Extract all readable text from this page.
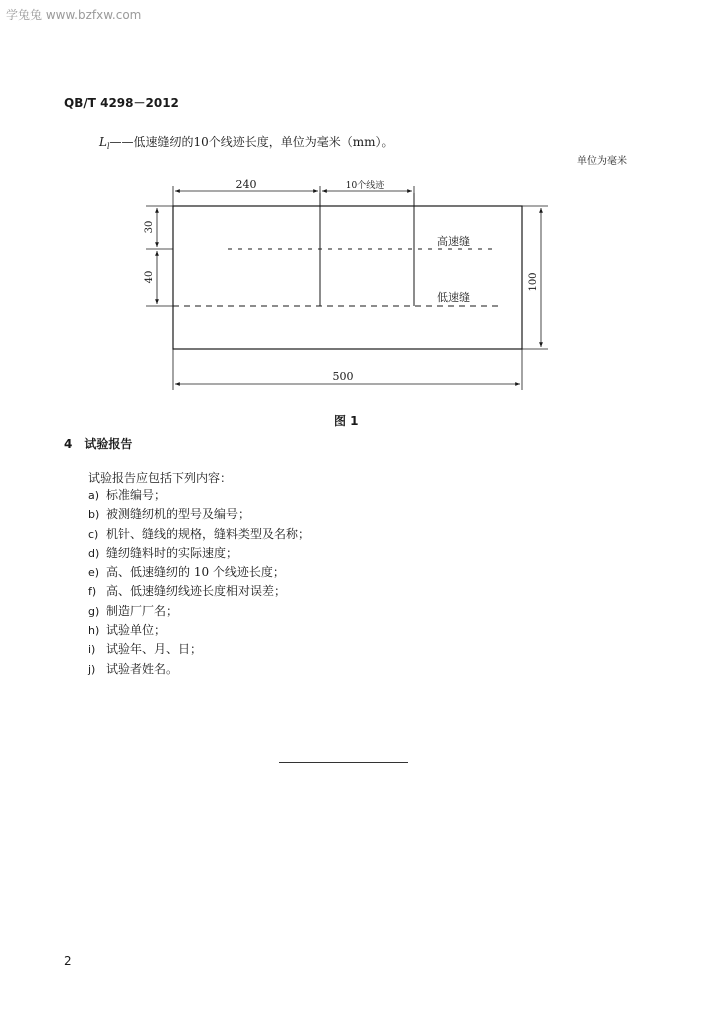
学兔兔 www.bzfxw.com
QB/T 4298－2012
$L_l——$低速缝纫的10个线迹长度，单位为毫米（mm）。
单位为毫米
240	10个线迹
30
40	100
500
高速缝
低速缝
图 1
4 试验报告
试验报告应包括下列内容：
a) 标准编号；
b) 被测缝纫机的型号及编号；
c) 机针、缝线的规格，缝料类型及名称；
d) 缝纫缝料时的实际速度；
e) 高、低速缝纫的 10 个线迹长度；
f) 高、低速缝纫线迹长度相对误差；
g) 制造厂厂名；
h) 试验单位；
i) 试验年、月、日；
j) 试验者姓名。
2
